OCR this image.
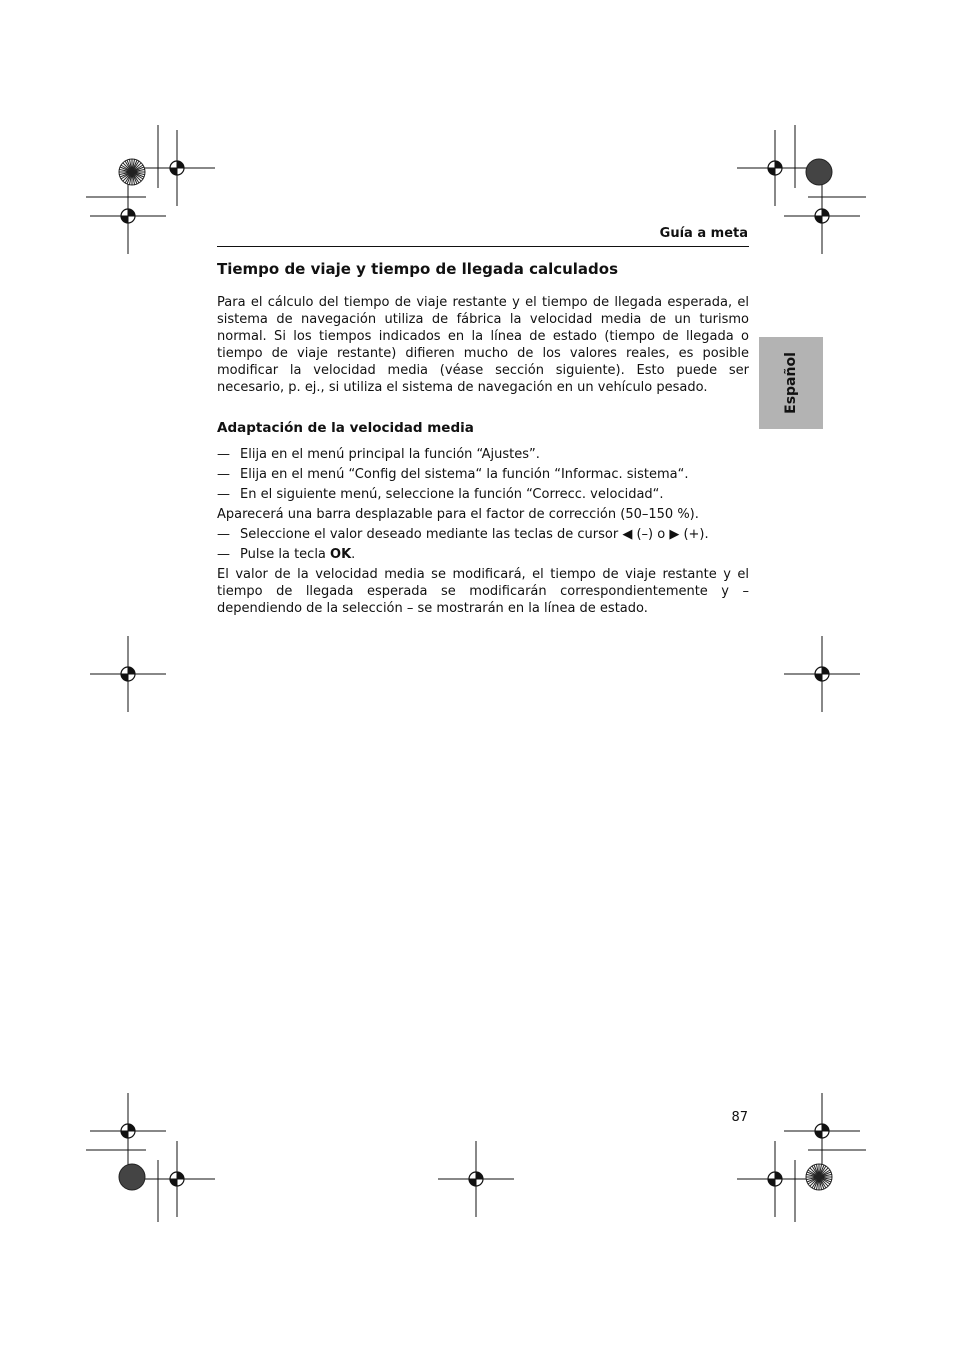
Guía a meta
Español
Tiempo de viaje y tiempo de llegada calculados

Para el cálculo del tiempo de viaje restante y el tiempo de llegada esperada, el sistema de navegación utiliza de fábrica la velocidad media de un turismo normal. Si los tiempos indicados en la línea de estado (tiempo de llegada o tiempo de viaje restante) difieren mucho de los valores reales, es posible modificar la velocidad media (véase sección siguiente). Esto puede ser necesario, p. ej., si utiliza el sistema de navegación en un vehículo pesado.

Adaptación de la velocidad media
— Elija en el menú principal la función “Ajustes”.
— Elija en el menú “Config del sistema“ la función “Informac. sistema“.
— En el siguiente menú, seleccione la función “Correcc. velocidad“.
Aparecerá una barra desplazable para el factor de corrección (50–150 %).
— Seleccione el valor deseado mediante las teclas de cursor ◀ (–) o ▶ (+).
— Pulse la tecla OK.

El valor de la velocidad media se modificará, el tiempo de viaje restante y el tiempo de llegada esperada se modificarán correspondientemente y – dependiendo de la selección – se mostrarán en la línea de estado.

87
